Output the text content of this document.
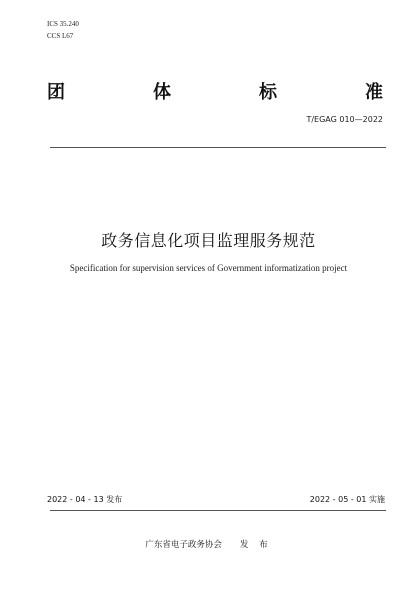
ICS 35.240
CCS L67
团	体	标	准
T/EGAG 010—2022
政务信息化项目监理服务规范
Specification for supervision services of Government informatization project
2022 - 04 - 13 发布	2022 - 05 - 01 实施
广东省电子政务协会 发 布
